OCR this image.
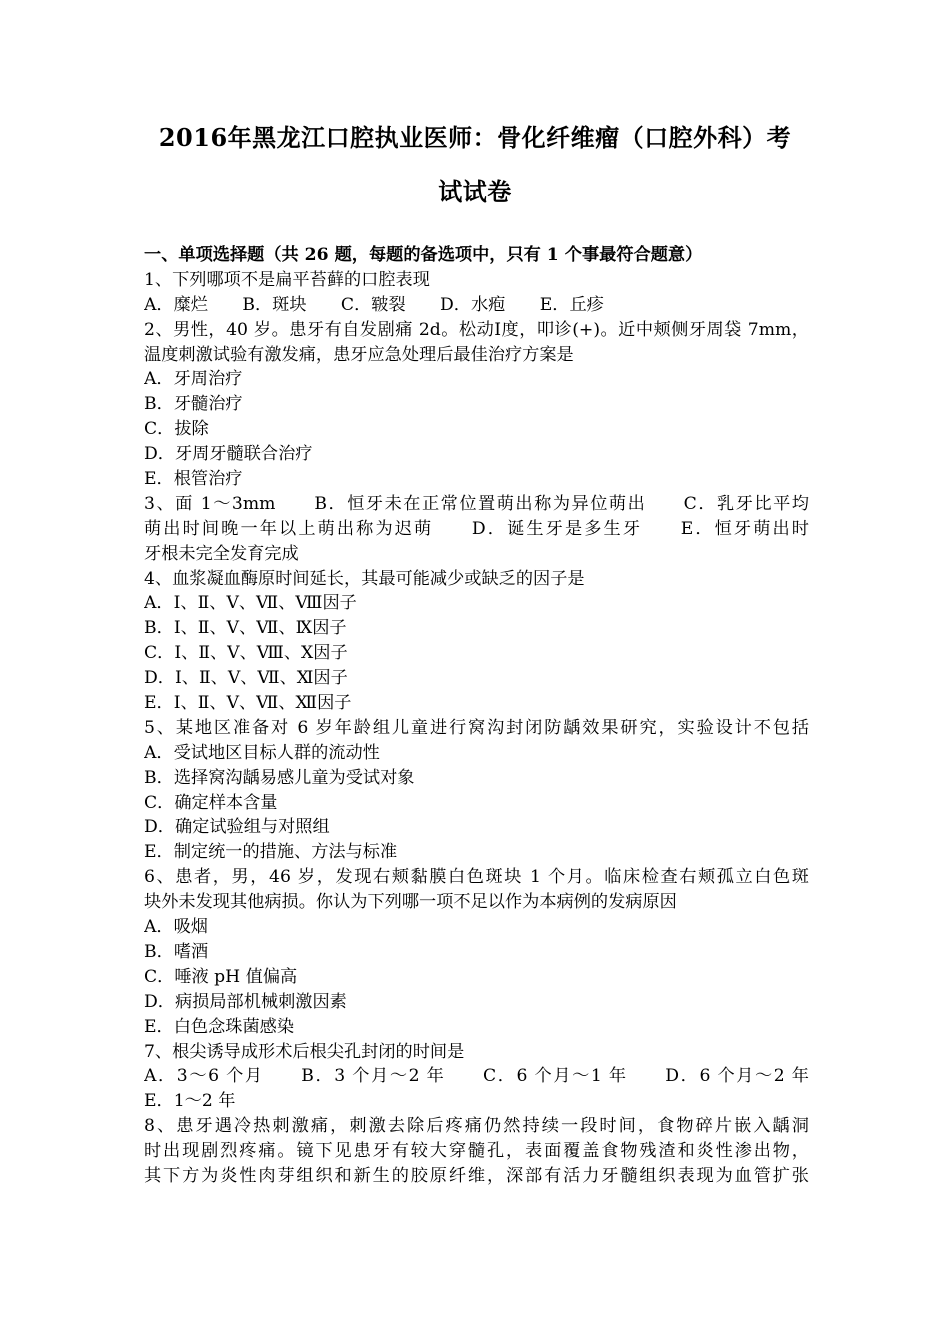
2016年黑龙江口腔执业医师：骨化纤维瘤（口腔外科）考
试试卷
一、单项选择题（共 26 题，每题的备选项中，只有 1 个事最符合题意）
1、下列哪项不是扁平苔藓的口腔表现
A．糜烂　　B．斑块　　C．皲裂　　D．水疱　　E．丘疹
2、男性，40 岁。患牙有自发剧痛 2d。松动Ⅰ度，叩诊(+)。近中颊侧牙周袋 7mm，
温度刺激试验有激发痛，患牙应急处理后最佳治疗方案是
A．牙周治疗
B．牙髓治疗
C．拔除
D．牙周牙髓联合治疗
E．根管治疗
3、面 1～3mm　　B．恒牙未在正常位置萌出称为异位萌出　　C．乳牙比平均
萌出时间晚一年以上萌出称为迟萌　　D．诞生牙是多生牙　　E．恒牙萌出时
牙根未完全发育完成
4、血浆凝血酶原时间延长，其最可能减少或缺乏的因子是
A．Ⅰ、Ⅱ、Ⅴ、Ⅶ、Ⅷ因子
B．Ⅰ、Ⅱ、Ⅴ、Ⅶ、Ⅸ因子
C．Ⅰ、Ⅱ、Ⅴ、Ⅷ、Ⅹ因子
D．Ⅰ、Ⅱ、Ⅴ、Ⅶ、Ⅺ因子
E．Ⅰ、Ⅱ、Ⅴ、Ⅶ、Ⅻ因子
5、某地区准备对 6 岁年龄组儿童进行窝沟封闭防龋效果研究，实验设计不包括
A．受试地区目标人群的流动性
B．选择窝沟龋易感儿童为受试对象
C．确定样本含量
D．确定试验组与对照组
E．制定统一的措施、方法与标准
6、患者，男，46 岁，发现右颊黏膜白色斑块 1 个月。临床检查右颊孤立白色斑
块外未发现其他病损。你认为下列哪一项不足以作为本病例的发病原因
A．吸烟
B．嗜酒
C．唾液 pH 值偏高
D．病损局部机械刺激因素
E．白色念珠菌感染
7、根尖诱导成形术后根尖孔封闭的时间是
A．3～6 个月　　B．3 个月～2 年　　C．6 个月～1 年　　D．6 个月～2 年
E．1～2 年
8、患牙遇冷热刺激痛，刺激去除后疼痛仍然持续一段时间，食物碎片嵌入龋洞
时出现剧烈疼痛。镜下见患牙有较大穿髓孔，表面覆盖食物残渣和炎性渗出物，
其下方为炎性肉芽组织和新生的胶原纤维，深部有活力牙髓组织表现为血管扩张
